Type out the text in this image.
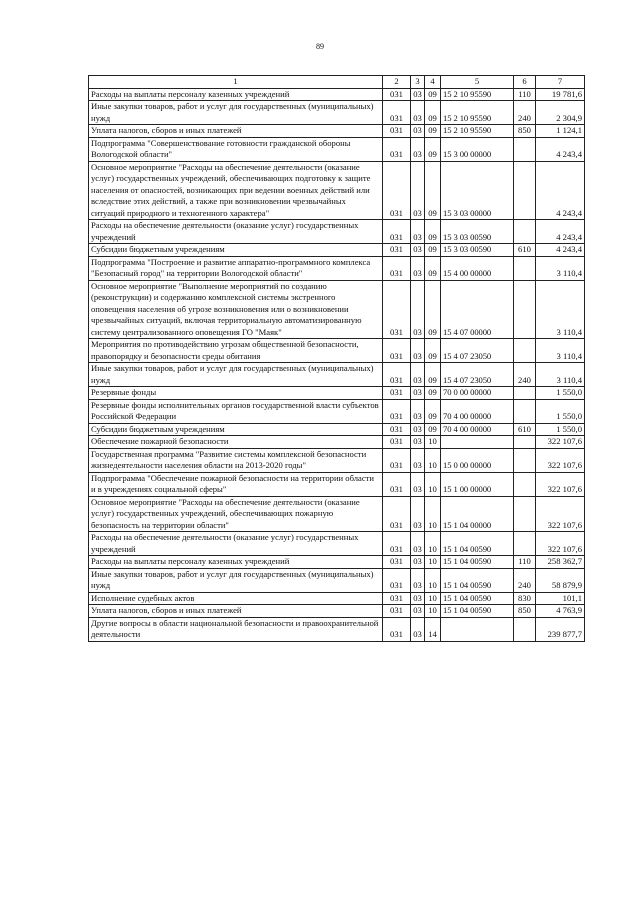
89
1	2	3	4	5	6	7
Расходы на выплаты персоналу казенных учреждений	031	03	09	15 2 10 95590	110	19 781,6
Иные закупки товаров, работ и услуг для государственных (муниципальных) нужд	031	03	09	15 2 10 95590	240	2 304,9
Уплата налогов, сборов и иных платежей	031	03	09	15 2 10 95590	850	1 124,1
Подпрограмма "Совершенствование готовности гражданской обороны Вологодской области"	031	03	09	15 3 00 00000		4 243,4
Основное мероприятие "Расходы на обеспечение деятельности (оказание услуг) государственных учреждений, обеспечивающих подготовку к защите населения от опасностей, возникающих при ведении военных действий или вследствие этих действий, а также при возникновении чрезвычайных ситуаций природного и техногенного характера"	031	03	09	15 3 03 00000		4 243,4
Расходы на обеспечение деятельности (оказание услуг) государственных учреждений	031	03	09	15 3 03 00590		4 243,4
Субсидии бюджетным учреждениям	031	03	09	15 3 03 00590	610	4 243,4
Подпрограмма "Построение и развитие аппаратно-программного комплекса "Безопасный город" на территории Вологодской области"	031	03	09	15 4 00 00000		3 110,4
Основное мероприятие "Выполнение мероприятий по созданию (реконструкции) и содержанию комплексной системы экстренного оповещения населения об угрозе возникновения или о возникновении чрезвычайных ситуаций, включая территориальную автоматизированную систему централизованного оповещения ГО "Маяк"	031	03	09	15 4 07 00000		3 110,4
Мероприятия по противодействию угрозам общественной безопасности, правопорядку и безопасности среды обитания	031	03	09	15 4 07 23050		3 110,4
Иные закупки товаров, работ и услуг для государственных (муниципальных) нужд	031	03	09	15 4 07 23050	240	3 110,4
Резервные фонды	031	03	09	70 0 00 00000		1 550,0
Резервные фонды исполнительных органов государственной власти субъектов Российской Федерации	031	03	09	70 4 00 00000		1 550,0
Субсидии бюджетным учреждениям	031	03	09	70 4 00 00000	610	1 550,0
Обеспечение пожарной безопасности	031	03	10			322 107,6
Государственная программа "Развитие системы комплексной безопасности жизнедеятельности населения области на 2013-2020 годы"	031	03	10	15 0 00 00000		322 107,6
Подпрограмма "Обеспечение пожарной безопасности на территории области и в учреждениях социальной сферы"	031	03	10	15 1 00 00000		322 107,6
Основное мероприятие "Расходы на обеспечение деятельности (оказание услуг) государственных учреждений, обеспечивающих пожарную безопасность на территории области"	031	03	10	15 1 04 00000		322 107,6
Расходы на обеспечение деятельности (оказание услуг) государственных учреждений	031	03	10	15 1 04 00590		322 107,6
Расходы на выплаты персоналу казенных учреждений	031	03	10	15 1 04 00590	110	258 362,7
Иные закупки товаров, работ и услуг для государственных (муниципальных) нужд	031	03	10	15 1 04 00590	240	58 879,9
Исполнение судебных актов	031	03	10	15 1 04 00590	830	101,1
Уплата налогов, сборов и иных платежей	031	03	10	15 1 04 00590	850	4 763,9
Другие вопросы в области национальной безопасности и правоохранительной деятельности	031	03	14			239 877,7
